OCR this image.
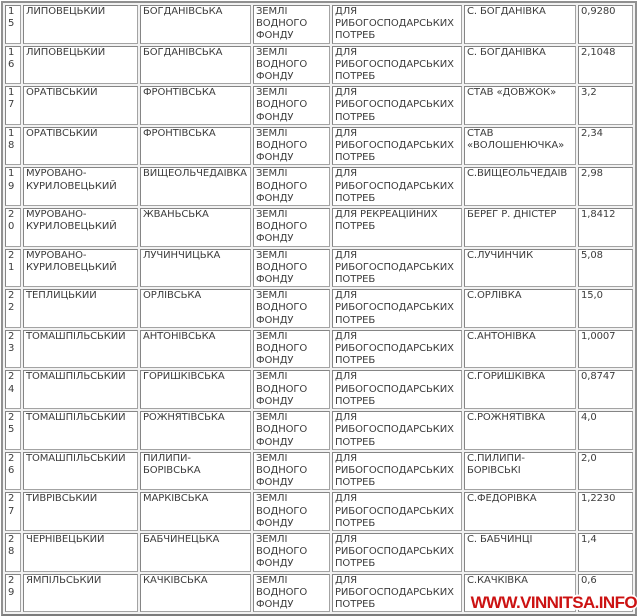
15	ЛИПОВЕЦЬКИЙ	БОГДАНІВСЬКА	ЗЕМЛІ ВОДНОГО ФОНДУ	ДЛЯ РИБОГОСПОДАРСЬКИХ ПОТРЕБ	С. БОГДАНІВКА	0,9280
16	ЛИПОВЕЦЬКИЙ	БОГДАНІВСЬКА	ЗЕМЛІ ВОДНОГО ФОНДУ	ДЛЯ РИБОГОСПОДАРСЬКИХ ПОТРЕБ	С. БОГДАНІВКА	2,1048
17	ОРАТІВСЬКИЙ	ФРОНТІВСЬКА	ЗЕМЛІ ВОДНОГО ФОНДУ	ДЛЯ РИБОГОСПОДАРСЬКИХ ПОТРЕБ	СТАВ «ДОВЖОК»	3,2
18	ОРАТІВСЬКИЙ	ФРОНТІВСЬКА	ЗЕМЛІ ВОДНОГО ФОНДУ	ДЛЯ РИБОГОСПОДАРСЬКИХ ПОТРЕБ	СТАВ «ВОЛОШЕНЮЧКА»	2,34
19	МУРОВАНО-КУРИЛОВЕЦЬКИЙ	ВИЩЕОЛЬЧЕДАЇВКА	ЗЕМЛІ ВОДНОГО ФОНДУ	ДЛЯ РИБОГОСПОДАРСЬКИХ ПОТРЕБ	С.ВИЩЕОЛЬЧЕДАЇВ	2,98
20	МУРОВАНО-КУРИЛОВЕЦЬКИЙ	ЖВАНЬСЬКА	ЗЕМЛІ ВОДНОГО ФОНДУ	ДЛЯ РЕКРЕАЦІЙНИХ ПОТРЕБ	БЕРЕГ Р. ДНІСТЕР	1,8412
21	МУРОВАНО-КУРИЛОВЕЦЬКИЙ	ЛУЧИНЧИЦЬКА	ЗЕМЛІ ВОДНОГО ФОНДУ	ДЛЯ РИБОГОСПОДАРСЬКИХ ПОТРЕБ	С.ЛУЧИНЧИК	5,08
22	ТЕПЛИЦЬКИЙ	ОРЛІВСЬКА	ЗЕМЛІ ВОДНОГО ФОНДУ	ДЛЯ РИБОГОСПОДАРСЬКИХ ПОТРЕБ	С.ОРЛІВКА	15,0
23	ТОМАШПІЛЬСЬКИЙ	АНТОНІВСЬКА	ЗЕМЛІ ВОДНОГО ФОНДУ	ДЛЯ РИБОГОСПОДАРСЬКИХ ПОТРЕБ	С.АНТОНІВКА	1,0007
24	ТОМАШПІЛЬСЬКИЙ	ГОРИШКІВСЬКА	ЗЕМЛІ ВОДНОГО ФОНДУ	ДЛЯ РИБОГОСПОДАРСЬКИХ ПОТРЕБ	С.ГОРИШКІВКА	0,8747
25	ТОМАШПІЛЬСЬКИЙ	РОЖНЯТІВСЬКА	ЗЕМЛІ ВОДНОГО ФОНДУ	ДЛЯ РИБОГОСПОДАРСЬКИХ ПОТРЕБ	С.РОЖНЯТІВКА	4,0
26	ТОМАШПІЛЬСЬКИЙ	ПИЛИПИ-БОРІВСЬКА	ЗЕМЛІ ВОДНОГО ФОНДУ	ДЛЯ РИБОГОСПОДАРСЬКИХ ПОТРЕБ	С.ПИЛИПИ-БОРІВСЬКІ	2,0
27	ТИВРІВСЬКИЙ	МАРКІВСЬКА	ЗЕМЛІ ВОДНОГО ФОНДУ	ДЛЯ РИБОГОСПОДАРСЬКИХ ПОТРЕБ	С.ФЕДОРІВКА	1,2230
28	ЧЕРНІВЕЦЬКИЙ	БАБЧИНЕЦЬКА	ЗЕМЛІ ВОДНОГО ФОНДУ	ДЛЯ РИБОГОСПОДАРСЬКИХ ПОТРЕБ	С. БАБЧИНЦІ	1,4
29	ЯМПІЛЬСЬКИЙ	КАЧКІВСЬКА	ЗЕМЛІ ВОДНОГО ФОНДУ	ДЛЯ РИБОГОСПОДАРСЬКИХ ПОТРЕБ	С.КАЧКІВКА	0,6
WWW.VINNITSA.INFO
